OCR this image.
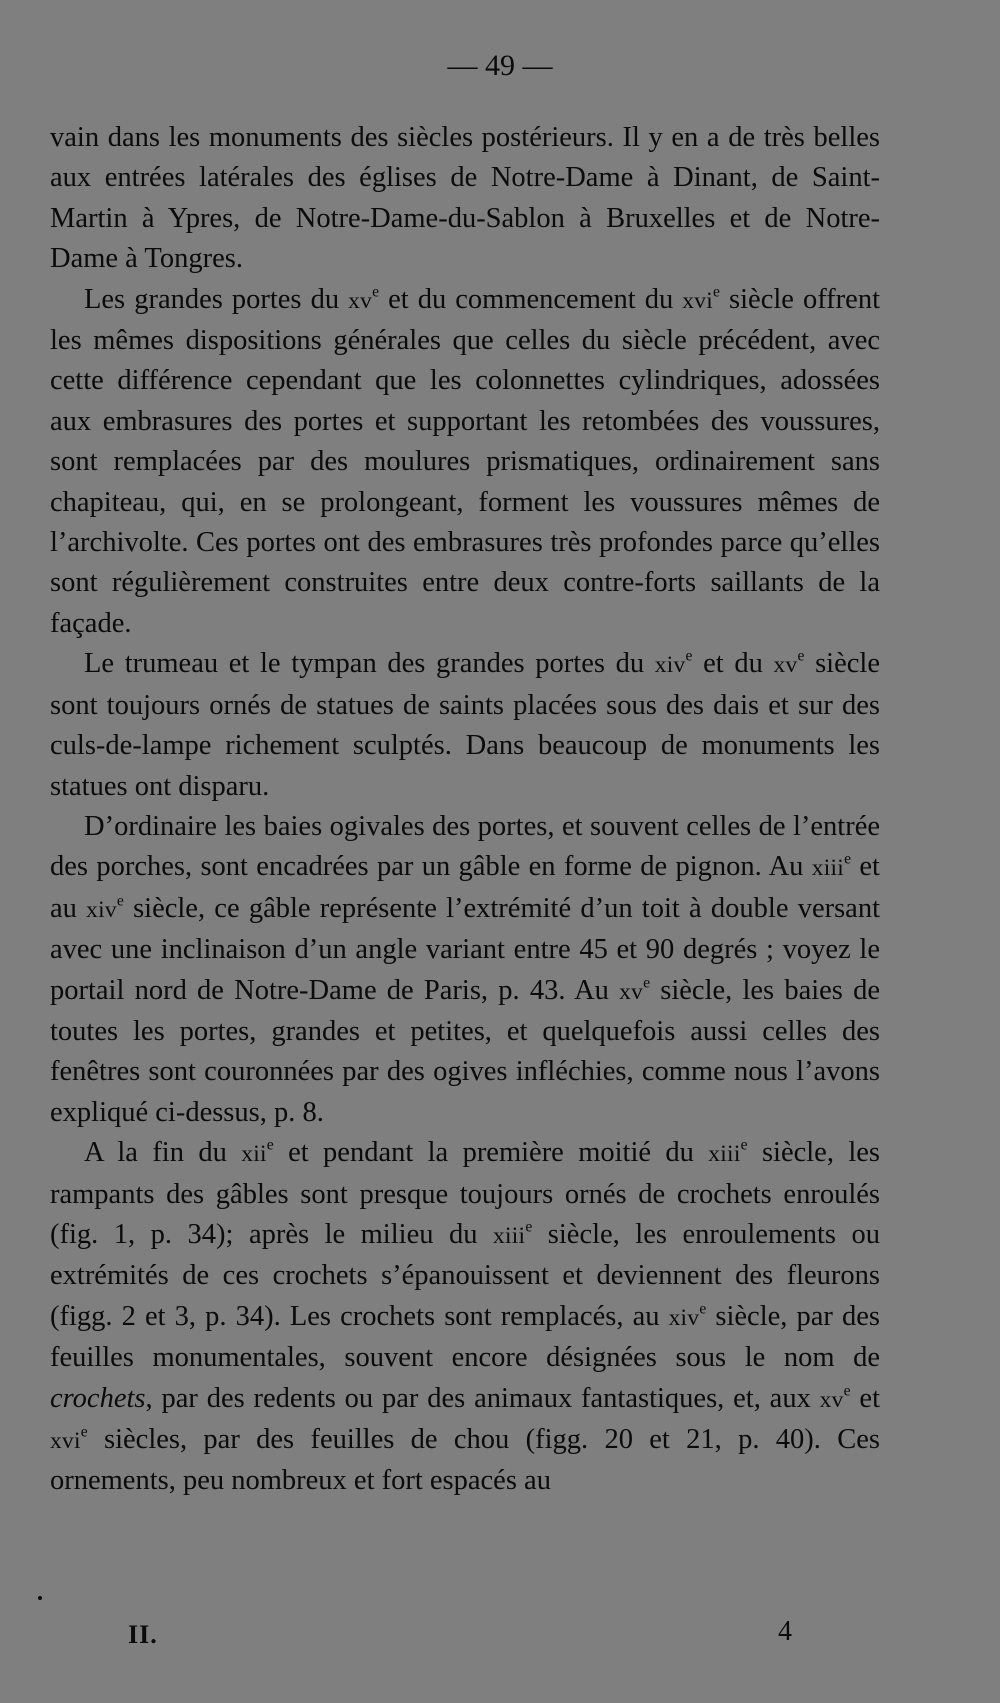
— 49 —

vain dans les monuments des siècles postérieurs. Il y en a de très belles aux entrées latérales des églises de Notre-Dame à Dinant, de Saint-Martin à Ypres, de Notre-Dame-du-Sablon à Bruxelles et de Notre-Dame à Tongres.

Les grandes portes du $xv^e$ et du commencement du xvi$^e$ siècle offrent les mêmes dispositions générales que celles du siècle précédent, avec cette différence cependant que les colonnettes cylindriques, adossées aux embrasures des portes et supportant les retombées des voussures, sont remplacées par des moulures prismatiques, ordinairement sans chapiteau, qui, en se prolongeant, forment les voussures mêmes de l’archivolte. Ces portes ont des embrasures très profondes parce qu’elles sont régulièrement construites entre deux contre-forts saillants de la façade.

Le trumeau et le tympan des grandes portes du xiv$^e$ et du $xv^e$ siècle sont toujours ornés de statues de saints placées sous des dais et sur des culs-de-lampe richement sculptés. Dans beaucoup de monuments les statues ont disparu.

D’ordinaire les baies ogivales des portes, et souvent celles de l’entrée des porches, sont encadrées par un gâble en forme de pignon. Au xiii$^e$ et au xiv$^e$ siècle, ce gâble représente l’extrémité d’un toit à double versant avec une inclinaison d’un angle variant entre 45 et 90 degrés ; voyez le portail nord de Notre-Dame de Paris, p. 43. Au $xv^e$ siècle, les baies de toutes les portes, grandes et petites, et quelquefois aussi celles des fenêtres sont couronnées par des ogives infléchies, comme nous l’avons expliqué ci-dessus, p. 8.

A la fin du xii$^e$ et pendant la première moitié du xiii$^e$ siècle, les rampants des gâbles sont presque toujours ornés de crochets enroulés (fig. 1, p. 34); après le milieu du xiii$^e$ siècle, les enroulements ou extrémités de ces crochets s’épanouissent et deviennent des fleurons (figg. 2 et 3, p. 34). Les crochets sont remplacés, au xiv$^e$ siècle, par des feuilles monumentales, souvent encore désignées sous le nom de crochets, par des redents ou par des animaux fantastiques, et, aux $xv^e$ et xvi$^e$ siècles, par des feuilles de chou (figg. 20 et 21, p. 40). Ces ornements, peu nombreux et fort espacés au

II.	4
